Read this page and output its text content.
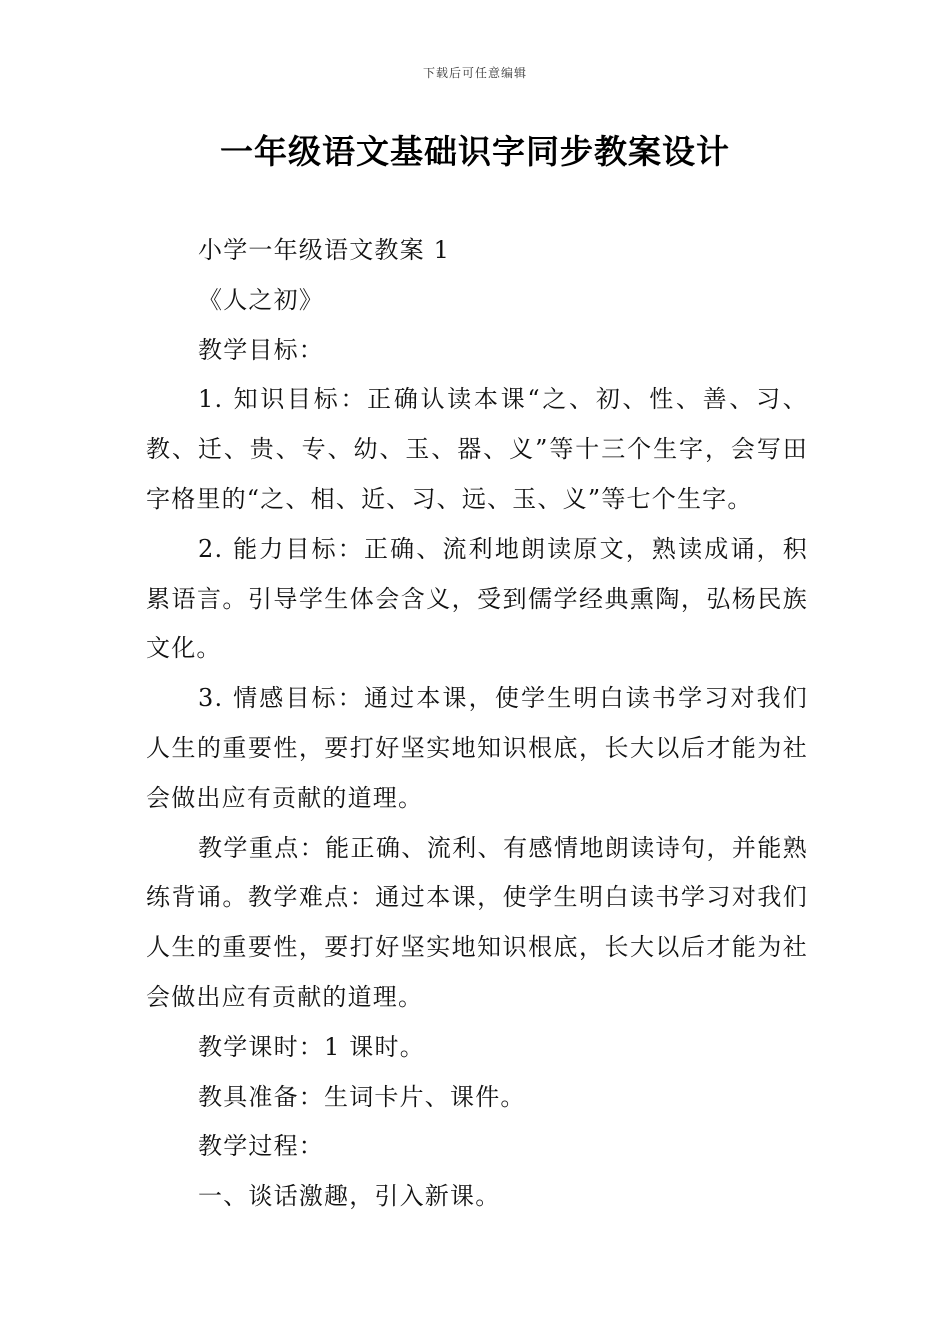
下载后可任意编辑
一年级语文基础识字同步教案设计

小学一年级语文教案 1

《人之初》

教学目标：

1. 知识目标：正确认读本课“之、初、性、善、习、教、迁、贵、专、幼、玉、器、义”等十三个生字，会写田字格里的“之、相、近、习、远、玉、义”等七个生字。

2. 能力目标：正确、流利地朗读原文，熟读成诵，积累语言。引导学生体会含义，受到儒学经典熏陶，弘杨民族文化。

3. 情感目标：通过本课，使学生明白读书学习对我们人生的重要性，要打好坚实地知识根底，长大以后才能为社会做出应有贡献的道理。

教学重点：能正确、流利、有感情地朗读诗句，并能熟练背诵。教学难点：通过本课，使学生明白读书学习对我们人生的重要性，要打好坚实地知识根底，长大以后才能为社会做出应有贡献的道理。

教学课时：1 课时。

教具准备：生词卡片、课件。

教学过程：

一、谈话激趣，引入新课。
